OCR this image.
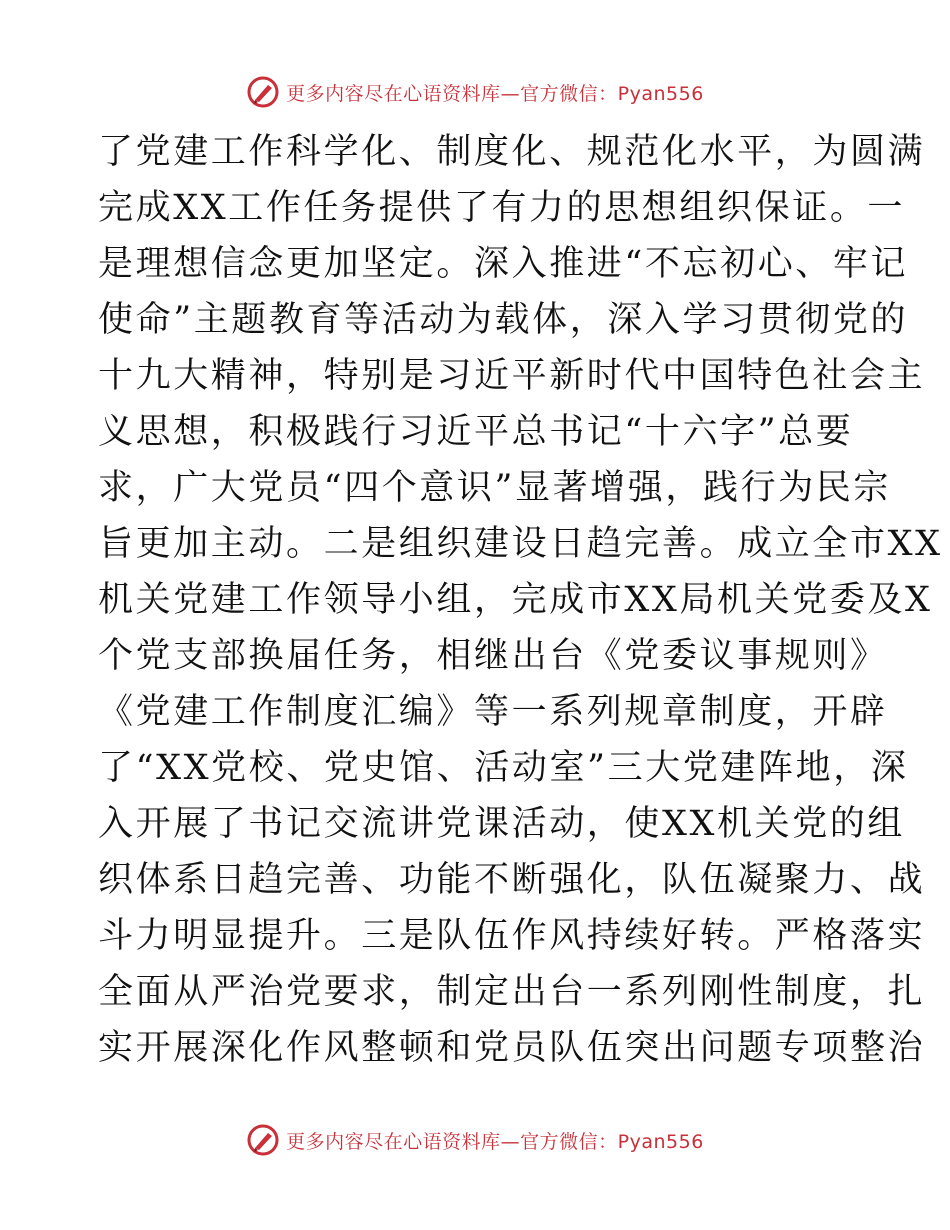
更多内容尽在心语资料库—官方微信：Pyan556
了党建工作科学化、制度化、规范化水平，为圆满
完成XX工作任务提供了有力的思想组织保证。一
是理想信念更加坚定。深入推进“不忘初心、牢记
使命”主题教育等活动为载体，深入学习贯彻党的
十九大精神，特别是习近平新时代中国特色社会主
义思想，积极践行习近平总书记“十六字”总要
求，广大党员“四个意识”显著增强，践行为民宗
旨更加主动。二是组织建设日趋完善。成立全市XX
机关党建工作领导小组，完成市XX局机关党委及X
个党支部换届任务，相继出台《党委议事规则》
《党建工作制度汇编》等一系列规章制度，开辟
了“XX党校、党史馆、活动室”三大党建阵地，深
入开展了书记交流讲党课活动，使XX机关党的组
织体系日趋完善、功能不断强化，队伍凝聚力、战
斗力明显提升。三是队伍作风持续好转。严格落实
全面从严治党要求，制定出台一系列刚性制度，扎
实开展深化作风整顿和党员队伍突出问题专项整治
更多内容尽在心语资料库—官方微信：Pyan556
